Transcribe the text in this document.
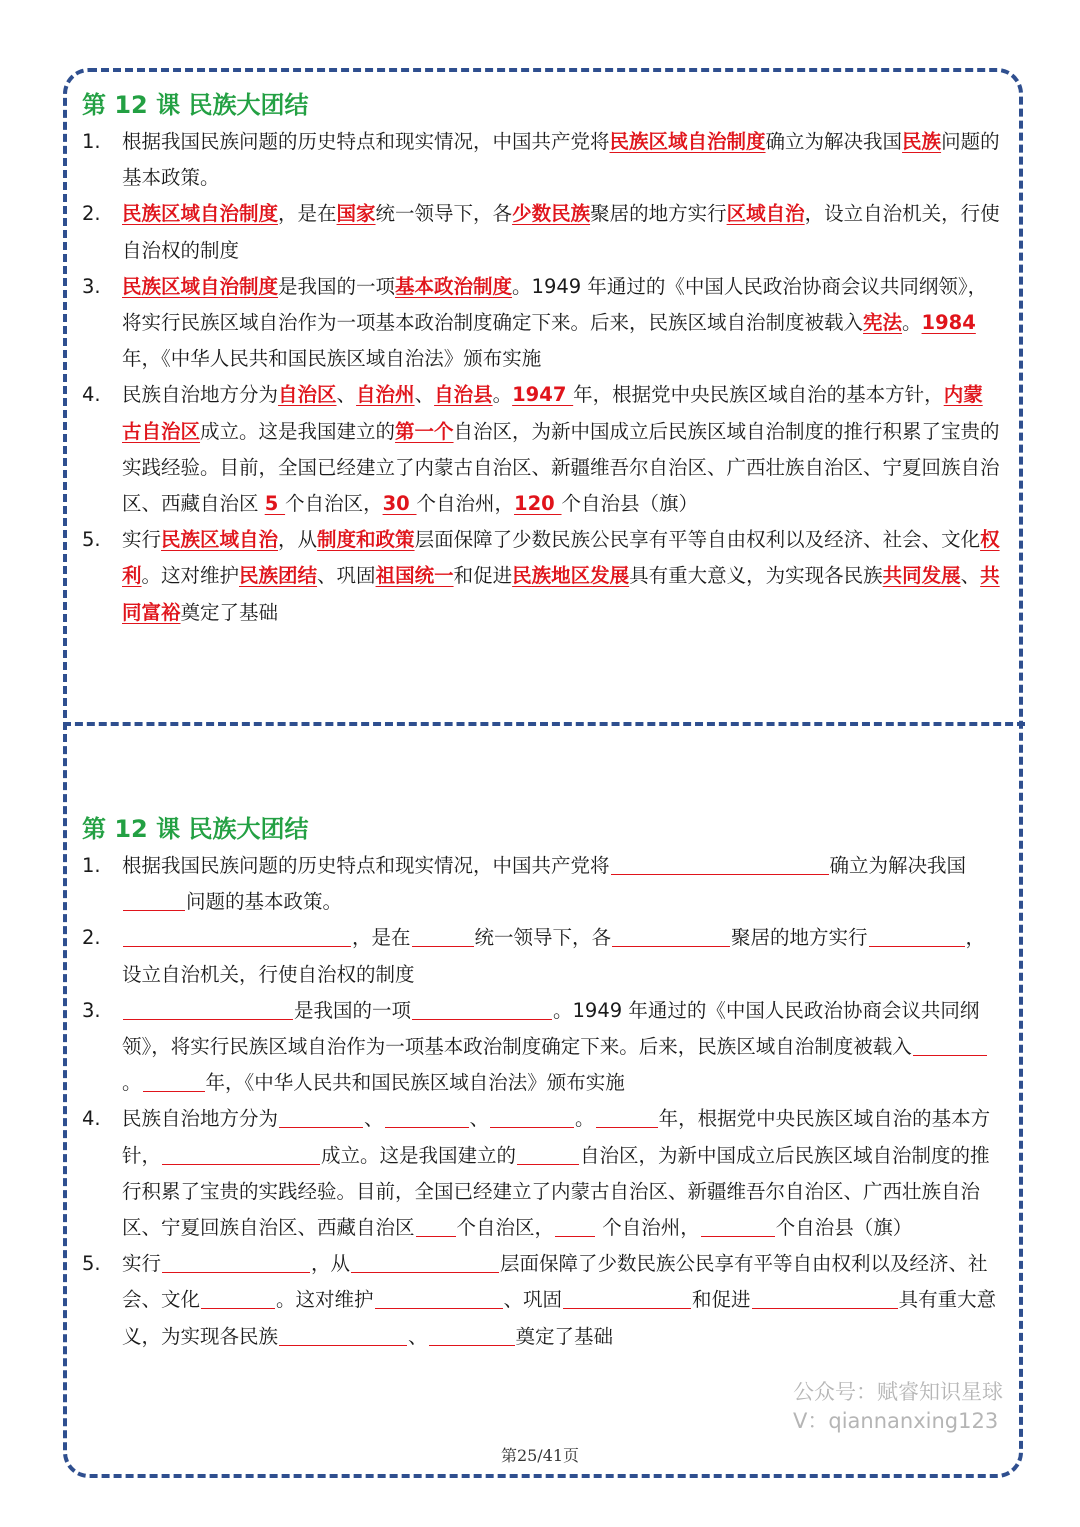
第 12 课 民族大团结
1.	根据我国民族问题的历史特点和现实情况，中国共产党将民族区域自治制度确立为解决我国民族问题的基本政策。
2.	民族区域自治制度，是在国家统一领导下，各少数民族聚居的地方实行区域自治，设立自治机关，行使自治权的制度
3.	民族区域自治制度是我国的一项基本政治制度。1949 年通过的《中国人民政治协商会议共同纲领》，将实行民族区域自治作为一项基本政治制度确定下来。后来，民族区域自治制度被载入宪法。1984年，《中华人民共和国民族区域自治法》颁布实施
4.	民族自治地方分为自治区、自治州、自治县。1947 年，根据党中央民族区域自治的基本方针，内蒙古自治区成立。这是我国建立的第一个自治区，为新中国成立后民族区域自治制度的推行积累了宝贵的实践经验。目前，全国已经建立了内蒙古自治区、新疆维吾尔自治区、广西壮族自治区、宁夏回族自治区、西藏自治区 5 个自治区，30 个自治州，120 个自治县（旗）
5.	实行民族区域自治，从制度和政策层面保障了少数民族公民享有平等自由权利以及经济、社会、文化权利。这对维护民族团结、巩固祖国统一和促进民族地区发展具有重大意义，为实现各民族共同发展、共同富裕奠定了基础
第 12 课 民族大团结
1.	根据我国民族问题的历史特点和现实情况，中国共产党将	确立为解决我国问题的基本政策。
2.	，是在	统一领导下，各	聚居的地方实行	，设立自治机关，行使自治权的制度
3.	是我国的一项	。1949 年通过的《中国人民政治协商会议共同纲领》，将实行民族区域自治作为一项基本政治制度确定下来。后来，民族区域自治制度被载入。	年，《中华人民共和国民族区域自治法》颁布实施
4.	民族自治地方分为	、	、	。	年，根据党中央民族区域自治的基本方针，	成立。这是我国建立的	自治区，为新中国成立后民族区域自治制度的推行积累了宝贵的实践经验。目前，全国已经建立了内蒙古自治区、新疆维吾尔自治区、广西壮族自治区、宁夏回族自治区、西藏自治区 个自治区， 个自治州，	个自治县（旗）
5.	实行	，从	层面保障了少数民族公民享有平等自由权利以及经济、社会、文化	。这对维护	、巩固	和促进	具有重大意义，为实现各民族	、	奠定了基础
公众号：赋睿知识星球
V：qiannanxing123
第25/41页
